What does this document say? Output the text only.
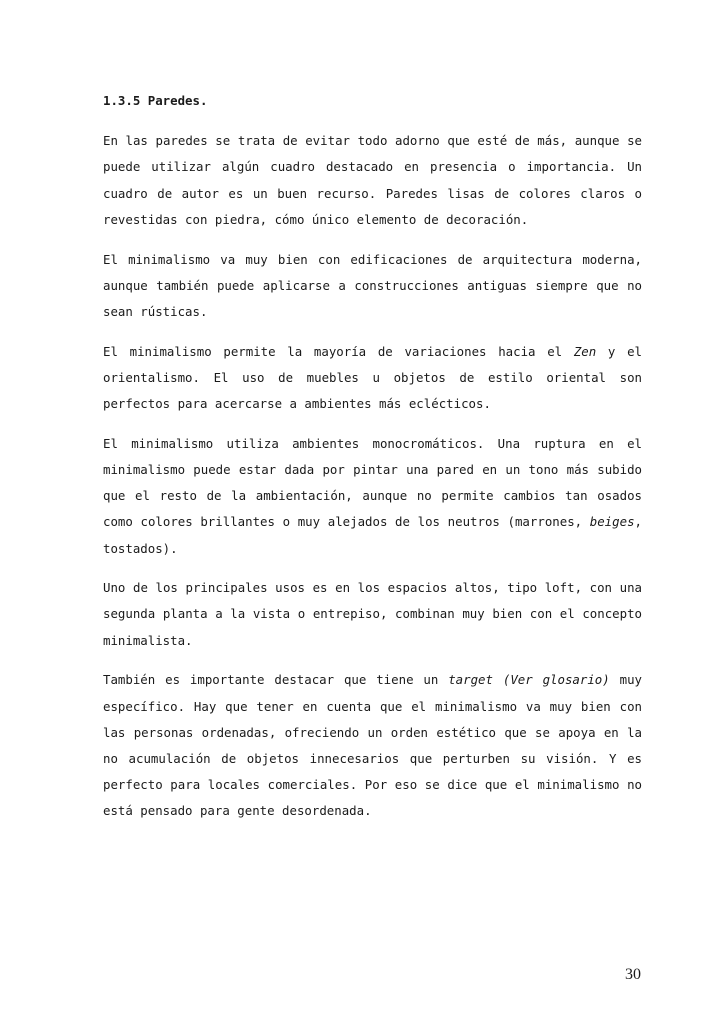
1.3.5 Paredes.

En las paredes se trata de evitar todo adorno que esté de más, aunque se puede utilizar algún cuadro destacado en presencia o importancia. Un cuadro de autor es un buen recurso. Paredes lisas de colores claros o revestidas con piedra, cómo único elemento de decoración.

El minimalismo va muy bien con edificaciones de arquitectura moderna, aunque también puede aplicarse a construcciones antiguas siempre que no sean rústicas.

El minimalismo permite la mayoría de variaciones hacia el Zen y el orientalismo. El uso de muebles u objetos de estilo oriental son perfectos para acercarse a ambientes más eclécticos.

El minimalismo utiliza ambientes monocromáticos. Una ruptura en el minimalismo puede estar dada por pintar una pared en un tono más subido que el resto de la ambientación, aunque no permite cambios tan osados como colores brillantes o muy alejados de los neutros (marrones, beiges, tostados).

Uno de los principales usos es en los espacios altos, tipo loft, con una segunda planta a la vista o entrepiso, combinan muy bien con el concepto minimalista.

También es importante destacar que tiene un target (Ver glosario) muy específico. Hay que tener en cuenta que el minimalismo va muy bien con las personas ordenadas, ofreciendo un orden estético que se apoya en la no acumulación de objetos innecesarios que perturben su visión. Y es perfecto para locales comerciales. Por eso se dice que el minimalismo no está pensado para gente desordenada.

30
